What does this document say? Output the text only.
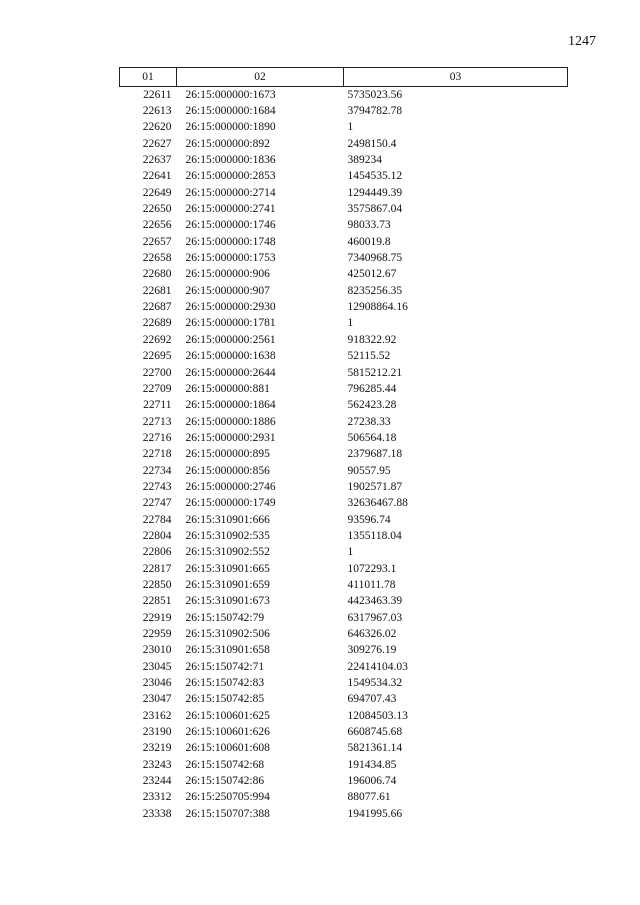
1247
01	02	03
22611	26:15:000000:1673	5735023.56
22613	26:15:000000:1684	3794782.78
22620	26:15:000000:1890	1
22627	26:15:000000:892	2498150.4
22637	26:15:000000:1836	389234
22641	26:15:000000:2853	1454535.12
22649	26:15:000000:2714	1294449.39
22650	26:15:000000:2741	3575867.04
22656	26:15:000000:1746	98033.73
22657	26:15:000000:1748	460019.8
22658	26:15:000000:1753	7340968.75
22680	26:15:000000:906	425012.67
22681	26:15:000000:907	8235256.35
22687	26:15:000000:2930	12908864.16
22689	26:15:000000:1781	1
22692	26:15:000000:2561	918322.92
22695	26:15:000000:1638	52115.52
22700	26:15:000000:2644	5815212.21
22709	26:15:000000:881	796285.44
22711	26:15:000000:1864	562423.28
22713	26:15:000000:1886	27238.33
22716	26:15:000000:2931	506564.18
22718	26:15:000000:895	2379687.18
22734	26:15:000000:856	90557.95
22743	26:15:000000:2746	1902571.87
22747	26:15:000000:1749	32636467.88
22784	26:15:310901:666	93596.74
22804	26:15:310902:535	1355118.04
22806	26:15:310902:552	1
22817	26:15:310901:665	1072293.1
22850	26:15:310901:659	411011.78
22851	26:15:310901:673	4423463.39
22919	26:15:150742:79	6317967.03
22959	26:15:310902:506	646326.02
23010	26:15:310901:658	309276.19
23045	26:15:150742:71	22414104.03
23046	26:15:150742:83	1549534.32
23047	26:15:150742:85	694707.43
23162	26:15:100601:625	12084503.13
23190	26:15:100601:626	6608745.68
23219	26:15:100601:608	5821361.14
23243	26:15:150742:68	191434.85
23244	26:15:150742:86	196006.74
23312	26:15:250705:994	88077.61
23338	26:15:150707:388	1941995.66
